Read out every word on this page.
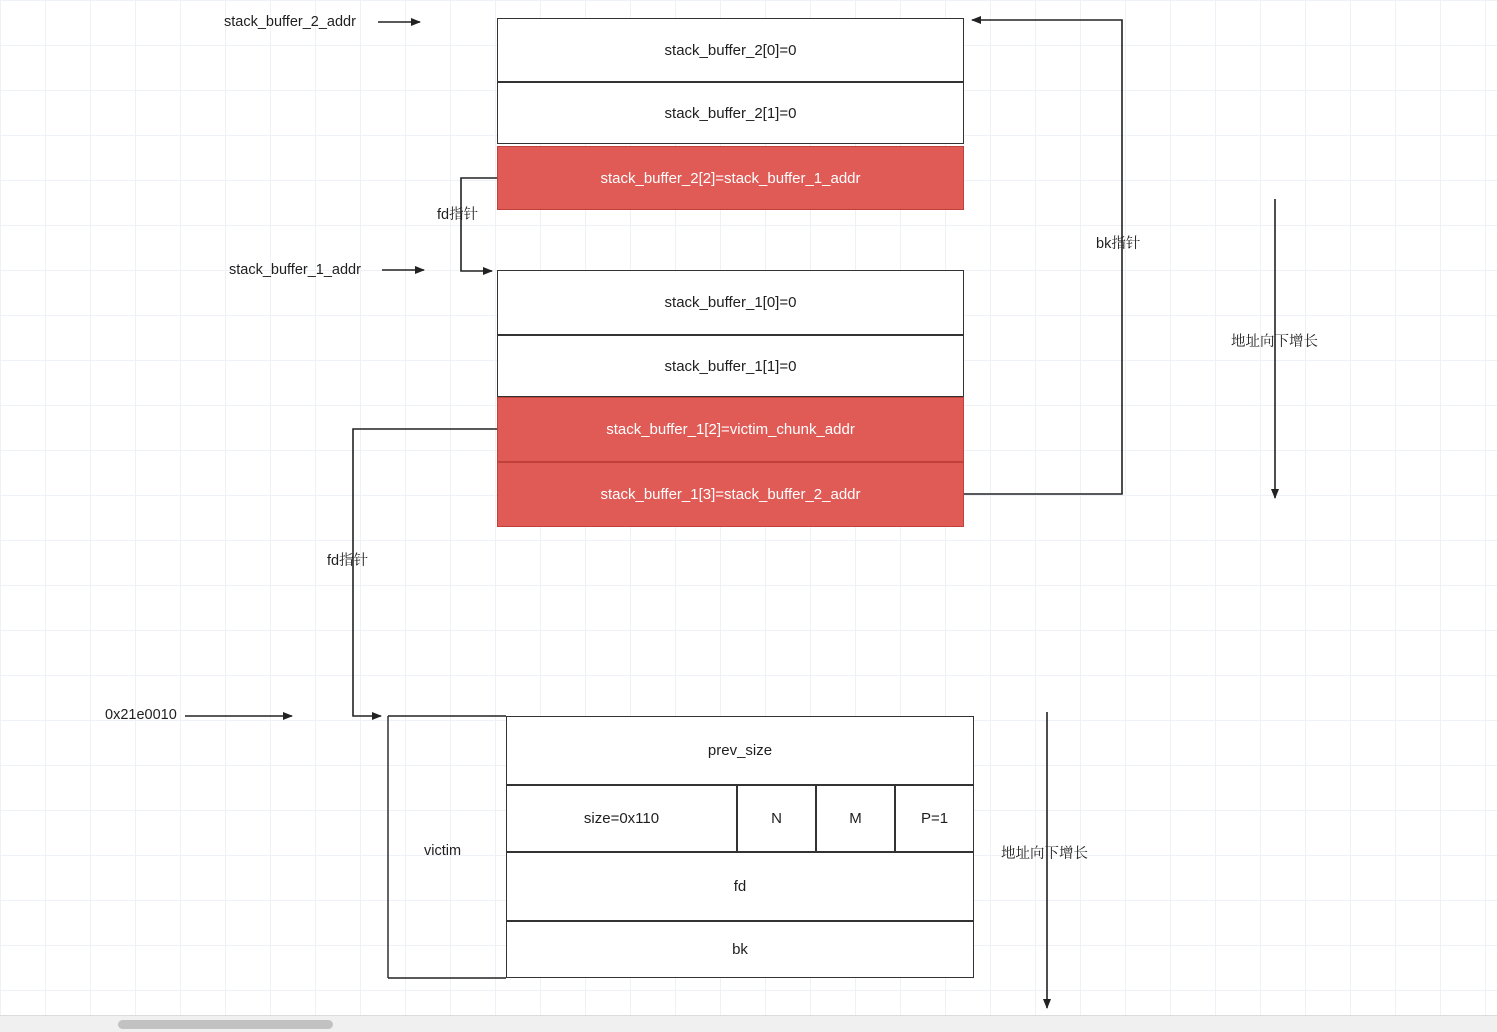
stack_buffer_2_addr
stack_buffer_1_addr
0x21e0010
victim
fd指针
fd指针
bk指针
地址向下增长
地址向下增长
stack_buffer_2[0]=0
stack_buffer_2[1]=0
stack_buffer_2[2]=stack_buffer_1_addr
stack_buffer_1[0]=0
stack_buffer_1[1]=0
stack_buffer_1[2]=victim_chunk_addr
stack_buffer_1[3]=stack_buffer_2_addr
prev_size
size=0x110	N	M	P=1
fd
bk
